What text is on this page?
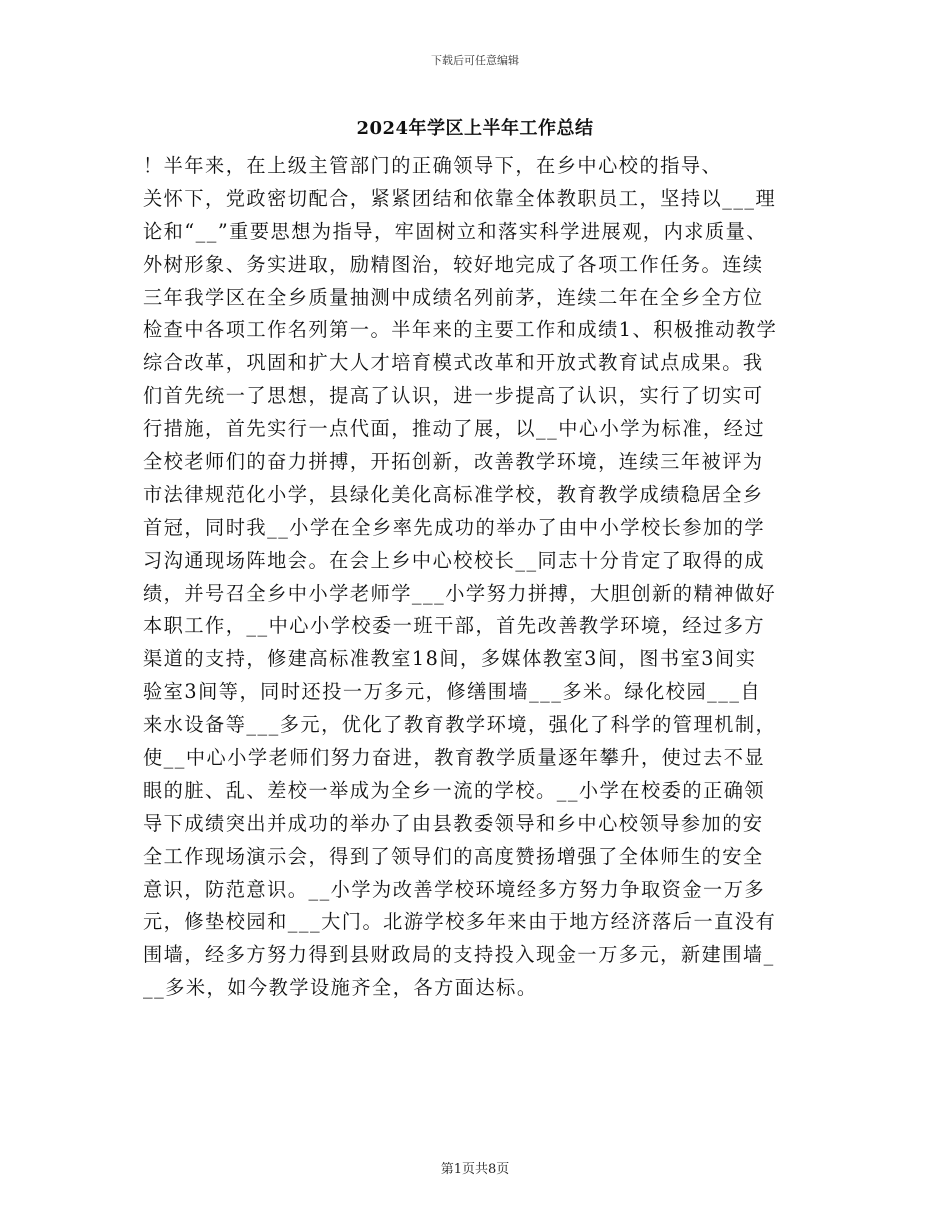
下载后可任意编辑
2024年学区上半年工作总结
！半年来，在上级主管部门的正确领导下，在乡中心校的指导、
关怀下，党政密切配合，紧紧团结和依靠全体教职员工，坚持以___理
论和“__”重要思想为指导，牢固树立和落实科学进展观，内求质量、
外树形象、务实进取，励精图治，较好地完成了各项工作任务。连续
三年我学区在全乡质量抽测中成绩名列前茅，连续二年在全乡全方位
检查中各项工作名列第一。半年来的主要工作和成绩1、积极推动教学
综合改革，巩固和扩大人才培育模式改革和开放式教育试点成果。我
们首先统一了思想，提高了认识，进一步提高了认识，实行了切实可
行措施，首先实行一点代面，推动了展，以__中心小学为标准，经过
全校老师们的奋力拼搏，开拓创新，改善教学环境，连续三年被评为
市法律规范化小学，县绿化美化高标准学校，教育教学成绩稳居全乡
首冠，同时我__小学在全乡率先成功的举办了由中小学校长参加的学
习沟通现场阵地会。在会上乡中心校校长__同志十分肯定了取得的成
绩，并号召全乡中小学老师学___小学努力拼搏，大胆创新的精神做好
本职工作，__中心小学校委一班干部，首先改善教学环境，经过多方
渠道的支持，修建高标准教室18间，多媒体教室3间，图书室3间实
验室3间等，同时还投一万多元，修缮围墙___多米。绿化校园___自
来水设备等___多元，优化了教育教学环境，强化了科学的管理机制，
使__中心小学老师们努力奋进，教育教学质量逐年攀升，使过去不显
眼的脏、乱、差校一举成为全乡一流的学校。__小学在校委的正确领
导下成绩突出并成功的举办了由县教委领导和乡中心校领导参加的安
全工作现场演示会，得到了领导们的高度赞扬增强了全体师生的安全
意识，防范意识。__小学为改善学校环境经多方努力争取资金一万多
元，修垫校园和___大门。北游学校多年来由于地方经济落后一直没有
围墙，经多方努力得到县财政局的支持投入现金一万多元，新建围墙_
__多米，如今教学设施齐全，各方面达标。
第1页共8页
